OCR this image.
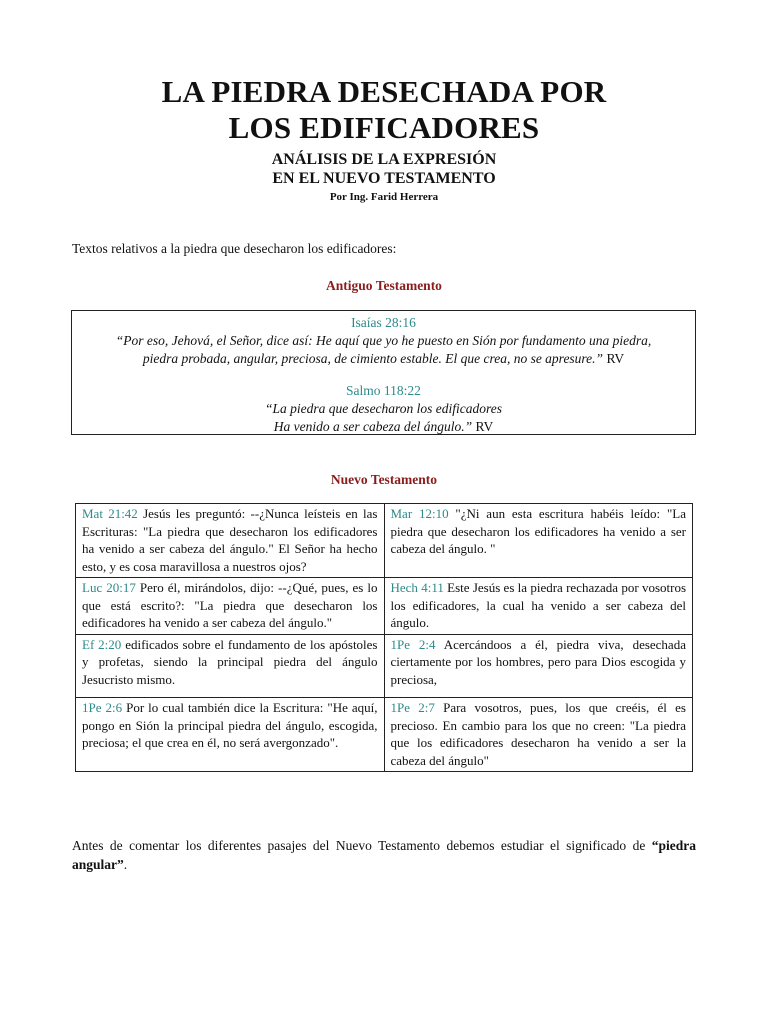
LA PIEDRA DESECHADA POR
LOS EDIFICADORES
ANÁLISIS DE LA EXPRESIÓN
EN EL NUEVO TESTAMENTO
Por Ing. Farid Herrera
Textos relativos a la piedra que desecharon los edificadores:
Antiguo Testamento
Isaías 28:16
“Por eso, Jehová, el Señor, dice así: He aquí que yo he puesto en Sión por fundamento una piedra,
piedra probada, angular, preciosa, de cimiento estable. El que crea, no se apresure.” RV
Salmo 118:22
“La piedra que desecharon los edificadores
Ha venido a ser cabeza del ángulo.” RV
Nuevo Testamento
Mat 21:42 Jesús les preguntó: --¿Nunca leísteis en las Escrituras: "La piedra que desecharon los edificadores ha venido a ser cabeza del ángulo." El Señor ha hecho esto, y es cosa maravillosa a nuestros ojos?	Mar 12:10 "¿Ni aun esta escritura habéis leído: "La piedra que desecharon los edificadores ha venido a ser cabeza del ángulo. "
Luc 20:17 Pero él, mirándolos, dijo: --¿Qué, pues, es lo que está escrito?: "La piedra que desecharon los edificadores ha venido a ser cabeza del ángulo."	Hech 4:11 Este Jesús es la piedra rechazada por vosotros los edificadores, la cual ha venido a ser cabeza del ángulo.
Ef 2:20 edificados sobre el fundamento de los apóstoles y profetas, siendo la principal piedra del ángulo Jesucristo mismo.	1Pe 2:4 Acercándoos a él, piedra viva, desechada ciertamente por los hombres, pero para Dios escogida y preciosa,
1Pe 2:6 Por lo cual también dice la Escritura: "He aquí, pongo en Sión la principal piedra del ángulo, escogida, preciosa; el que crea en él, no será avergonzado".	1Pe 2:7 Para vosotros, pues, los que creéis, él es precioso. En cambio para los que no creen: "La piedra que los edificadores desecharon ha venido a ser la cabeza del ángulo"
Antes de comentar los diferentes pasajes del Nuevo Testamento debemos estudiar el significado de “piedra angular”.
